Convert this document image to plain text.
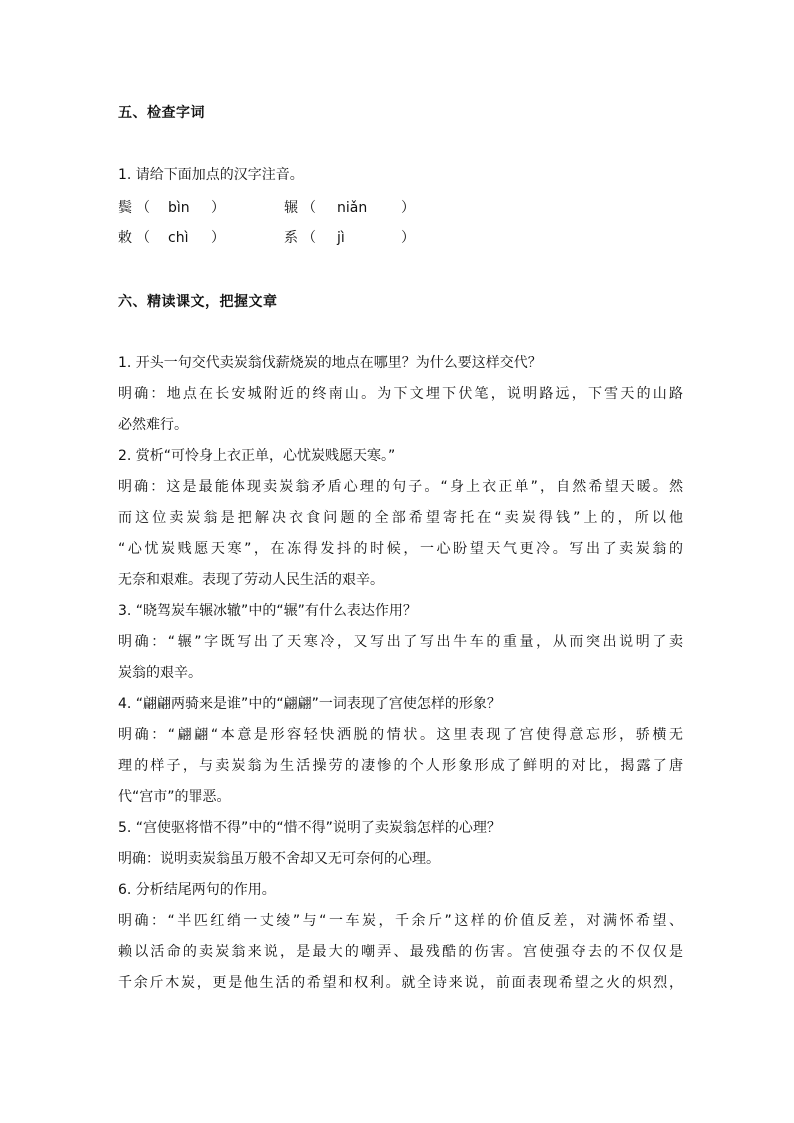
五、检查字词
1. 请给下面加点的汉字注音。
鬓 （ bìn ）	辗 （ niǎn ）
敕 （ chì ）	系 （ jì	）
六、精读课文，把握文章
1. 开头一句交代卖炭翁伐薪烧炭的地点在哪里？为什么要这样交代？
明确：地点在长安城附近的终南山。为下文埋下伏笔，说明路远，下雪天的山路
必然难行。
2. 赏析“可怜身上衣正单，心忧炭贱愿天寒。”
明确：这是最能体现卖炭翁矛盾心理的句子。“身上衣正单”，自然希望天暖。然
而这位卖炭翁是把解决衣食问题的全部希望寄托在“卖炭得钱”上的，所以他
“心忧炭贱愿天寒”，在冻得发抖的时候，一心盼望天气更冷。写出了卖炭翁的
无奈和艰难。表现了劳动人民生活的艰辛。
3. “晓驾炭车辗冰辙”中的“辗”有什么表达作用？
明确：“辗”字既写出了天寒冷，又写出了写出牛车的重量，从而突出说明了卖
炭翁的艰辛。
4. “翩翩两骑来是谁”中的“翩翩”一词表现了宫使怎样的形象？
明确：“翩翩“本意是形容轻快洒脱的情状。这里表现了宫使得意忘形，骄横无
理的样子，与卖炭翁为生活操劳的凄惨的个人形象形成了鲜明的对比，揭露了唐
代“宫市”的罪恶。
5. “宫使驱将惜不得”中的“惜不得”说明了卖炭翁怎样的心理？
明确：说明卖炭翁虽万般不舍却又无可奈何的心理。
6. 分析结尾两句的作用。
明确：“半匹红绡一丈绫”与“一车炭，千余斤”这样的价值反差，对满怀希望、
赖以活命的卖炭翁来说，是最大的嘲弄、最残酷的伤害。宫使强夺去的不仅仅是
千余斤木炭，更是他生活的希望和权利。就全诗来说，前面表现希望之火的炽烈，
